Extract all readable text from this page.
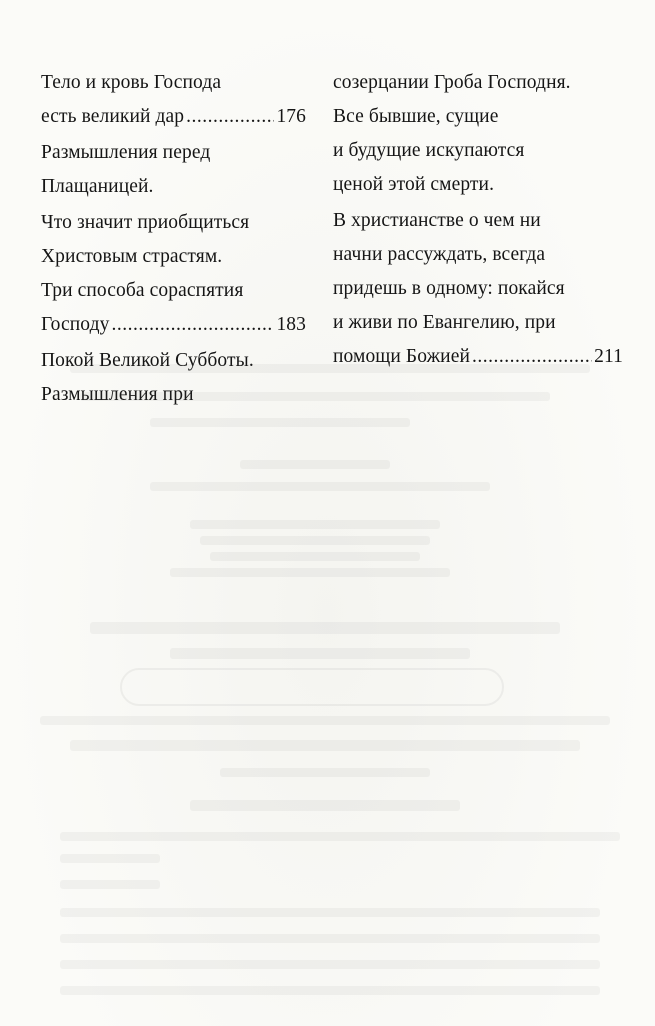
Тело и кровь Господа
есть великий дар .....	176
Размышления перед
Плащаницей.
Что значит приобщиться
Христовым страстям.
Три способа сораспятия
Господу .....	183
Покой Великой Субботы.
Размышления при
созерцании Гроба Господня.
Все бывшие, сущие
и будущие искупаются
ценой этой смерти.
В христианстве о чем ни
начни рассуждать, всегда
придешь в одному: покайся
и живи по Евангелию, при
помощи Божией .....	211
